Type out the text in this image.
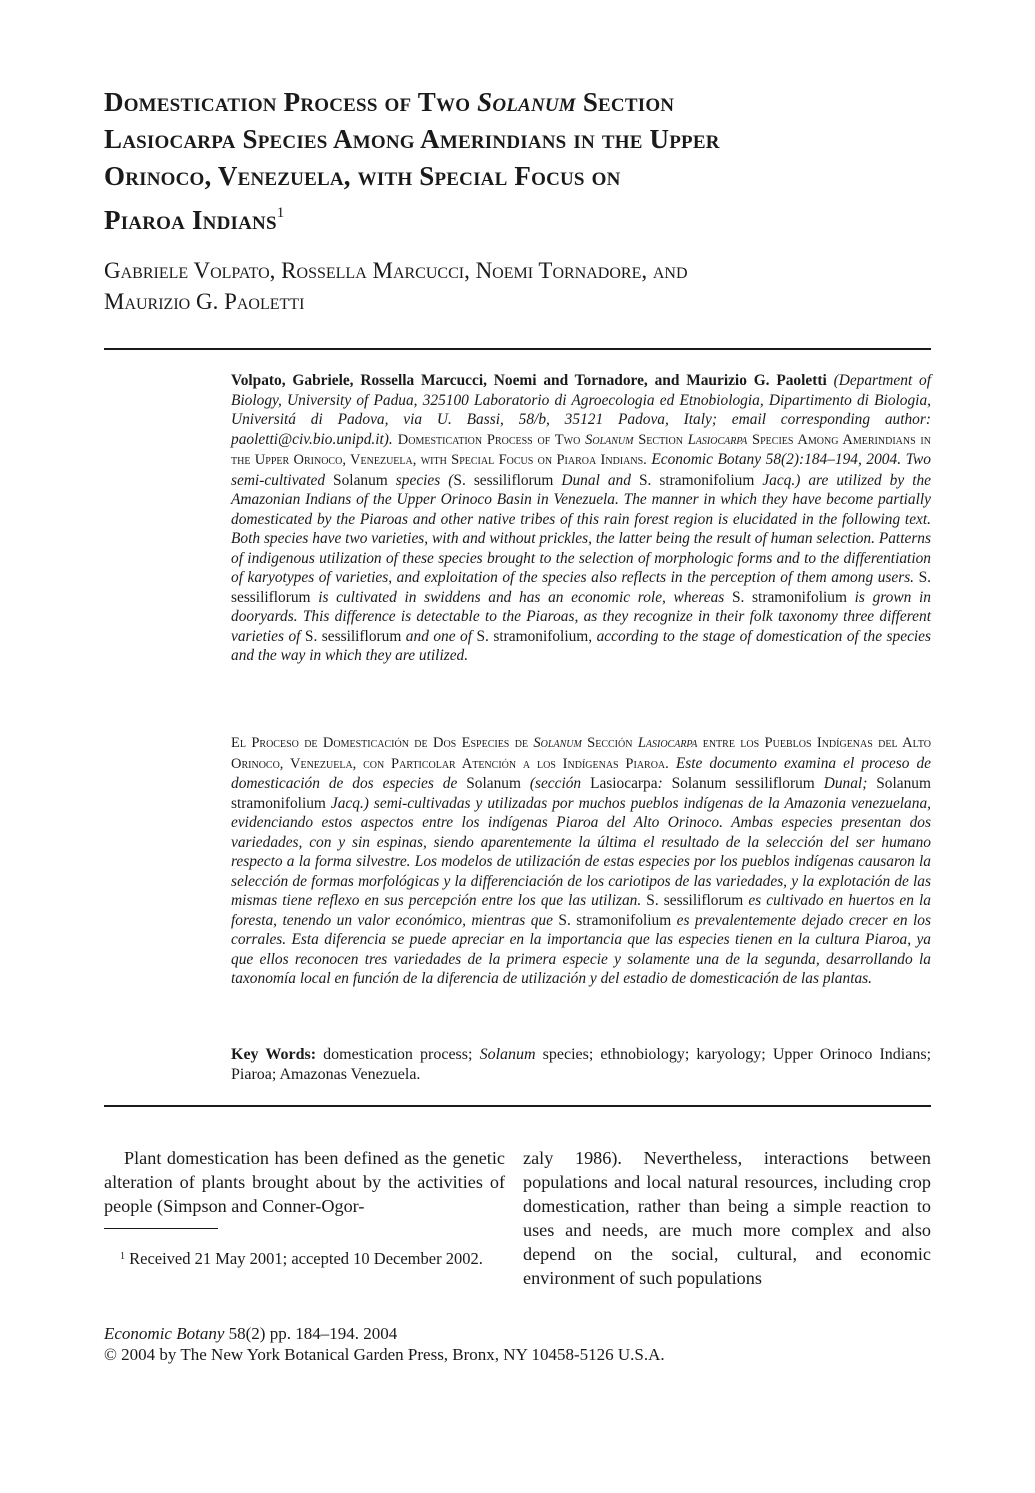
Domestication Process of Two Solanum Section
Lasiocarpa Species Among Amerindians in the Upper
Orinoco, Venezuela, with Special Focus on
Piaroa Indians$^1$

Gabriele Volpato, Rossella Marcucci, Noemi Tornadore, and
Maurizio G. Paoletti

Volpato, Gabriele, Rossella Marcucci, Noemi and Tornadore, and Maurizio G. Paoletti (Department of Biology, University of Padua, 325100 Laboratorio di Agroecologia ed Etnobiologia, Dipartimento di Biologia, Universitá di Padova, via U. Bassi, 58/b, 35121 Padova, Italy; email corresponding author: paoletti@civ.bio.unipd.it). Domestication Process of Two Solanum Section Lasiocarpa Species Among Amerindians in the Upper Orinoco, Venezuela, with Special Focus on Piaroa Indians. Economic Botany 58(2):184–194, 2004. Two semi-cultivated Solanum species (S. sessiliflorum Dunal and S. stramonifolium Jacq.) are utilized by the Amazonian Indians of the Upper Orinoco Basin in Venezuela. The manner in which they have become partially domesticated by the Piaroas and other native tribes of this rain forest region is elucidated in the following text. Both species have two varieties, with and without prickles, the latter being the result of human selection. Patterns of indigenous utilization of these species brought to the selection of morphologic forms and to the differentiation of karyotypes of varieties, and exploitation of the species also reflects in the perception of them among users. S. sessiliflorum is cultivated in swiddens and has an economic role, whereas S. stramonifolium is grown in dooryards. This difference is detectable to the Piaroas, as they recognize in their folk taxonomy three different varieties of S. sessiliflorum and one of S. stramonifolium, according to the stage of domestication of the species and the way in which they are utilized.

El Proceso de Domesticación de Dos Especies de Solanum Sección Lasiocarpa entre los Pueblos Indígenas del Alto Orinoco, Venezuela, con Particolar Atención a los Indígenas Piaroa. Este documento examina el proceso de domesticación de dos especies de Solanum (sección Lasiocarpa: Solanum sessiliflorum Dunal; Solanum stramonifolium Jacq.) semi-cultivadas y utilizadas por muchos pueblos indígenas de la Amazonia venezuelana, evidenciando estos aspectos entre los indígenas Piaroa del Alto Orinoco. Ambas especies presentan dos variedades, con y sin espinas, siendo aparentemente la última el resultado de la selección del ser humano respecto a la forma silvestre. Los modelos de utilización de estas especies por los pueblos indígenas causaron la selección de formas morfológicas y la differenciación de los cariotipos de las variedades, y la explotación de las mismas tiene reflexo en sus percepción entre los que las utilizan. S. sessiliflorum es cultivado en huertos en la foresta, tenendo un valor económico, mientras que S. stramonifolium es prevalentemente dejado crecer en los corrales. Esta diferencia se puede apreciar en la importancia que las especies tienen en la cultura Piaroa, ya que ellos reconocen tres variedades de la primera especie y solamente una de la segunda, desarrollando la taxonomía local en función de la diferencia de utilización y del estadio de domesticación de las plantas.

Key Words: domestication process; Solanum species; ethnobiology; karyology; Upper Orinoco Indians; Piaroa; Amazonas Venezuela.

Plant domestication has been defined as the genetic alteration of plants brought about by the activities of people (Simpson and Conner-Ogor-

zaly 1986). Nevertheless, interactions between populations and local natural resources, including crop domestication, rather than being a simple reaction to uses and needs, are much more complex and also depend on the social, cultural, and economic environment of such populations

$^1$ Received 21 May 2001; accepted 10 December 2002.

Economic Botany 58(2) pp. 184–194. 2004

© 2004 by The New York Botanical Garden Press, Bronx, NY 10458-5126 U.S.A.
